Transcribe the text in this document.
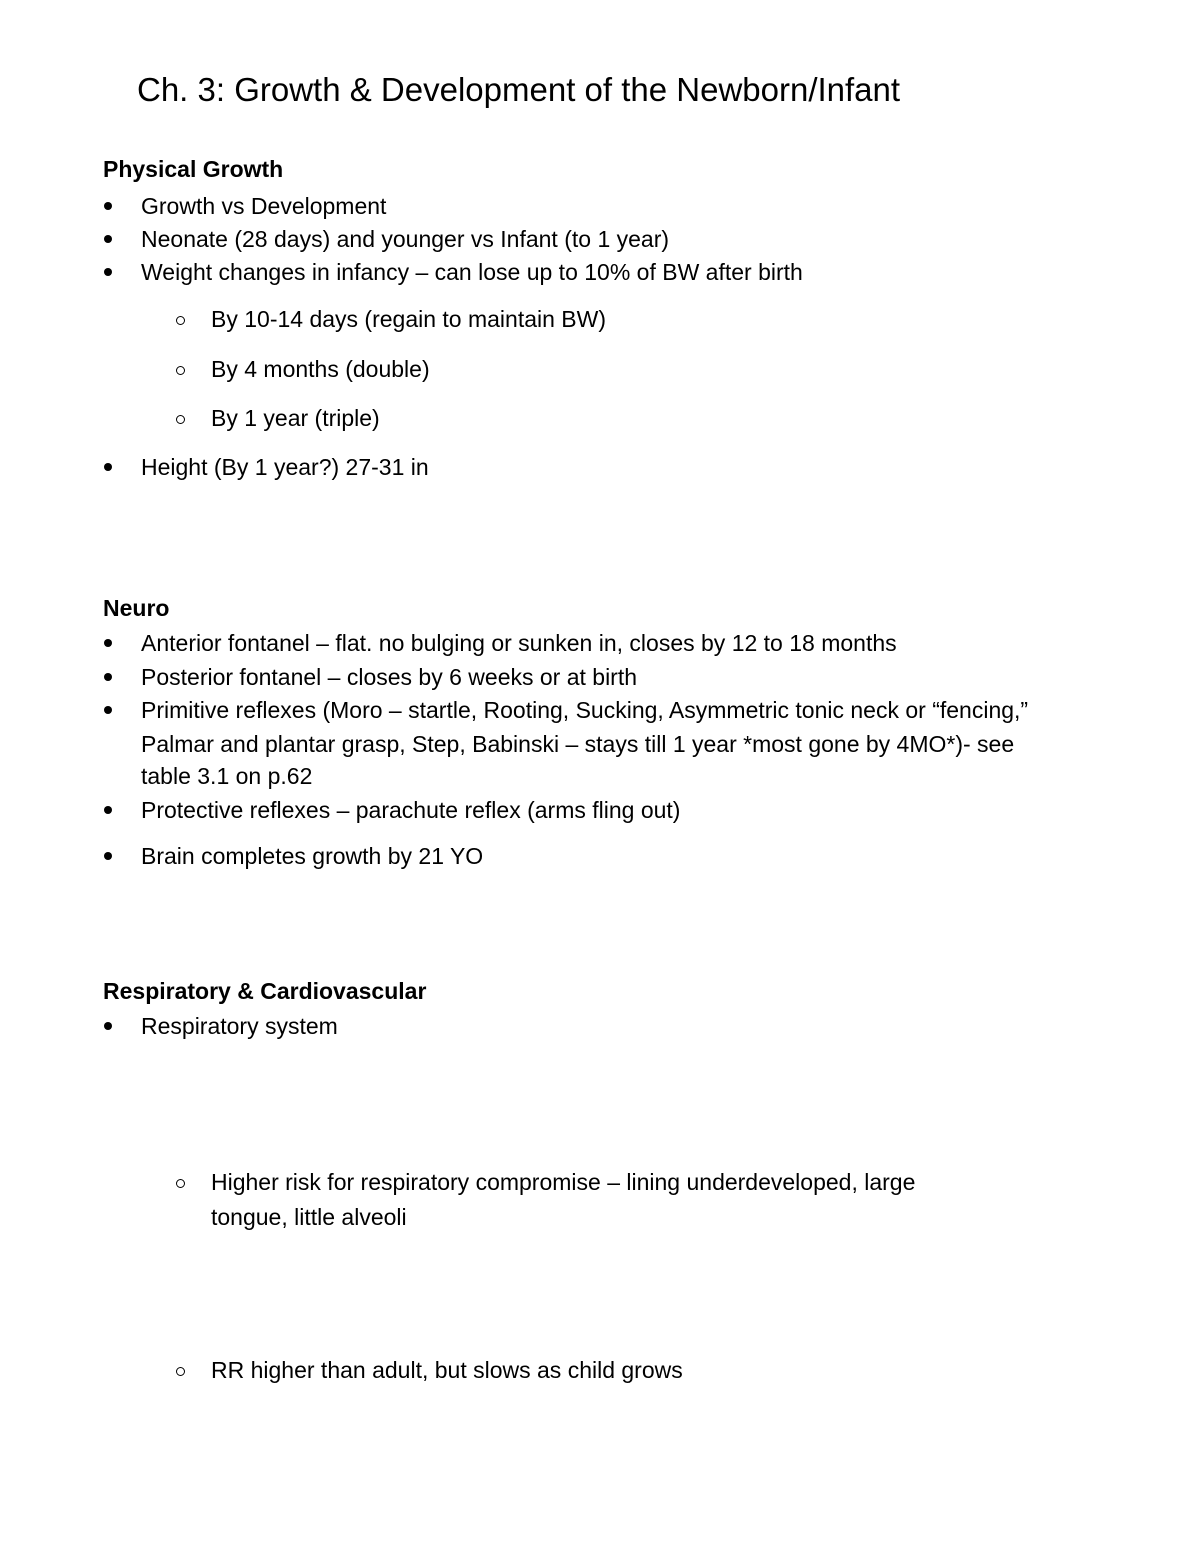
Ch. 3: Growth & Development of the Newborn/Infant
Physical Growth
Growth vs Development
Neonate (28 days) and younger vs Infant (to 1 year)
Weight changes in infancy – can lose up to 10% of BW after birth
By 10-14 days (regain to maintain BW)
By 4 months (double)
By 1 year (triple)
Height (By 1 year?) 27-31 in
Neuro
Anterior fontanel – flat. no bulging or sunken in, closes by 12 to 18 months
Posterior fontanel – closes by 6 weeks or at birth
Primitive reflexes (Moro – startle, Rooting, Sucking, Asymmetric tonic neck or “fencing,”
Palmar and plantar grasp, Step, Babinski – stays till 1 year *most gone by 4MO*)- see
table 3.1 on p.62
Protective reflexes – parachute reflex (arms fling out)
Brain completes growth by 21 YO
Respiratory & Cardiovascular
Respiratory system
Higher risk for respiratory compromise – lining underdeveloped, large
tongue, little alveoli
RR higher than adult, but slows as child grows
